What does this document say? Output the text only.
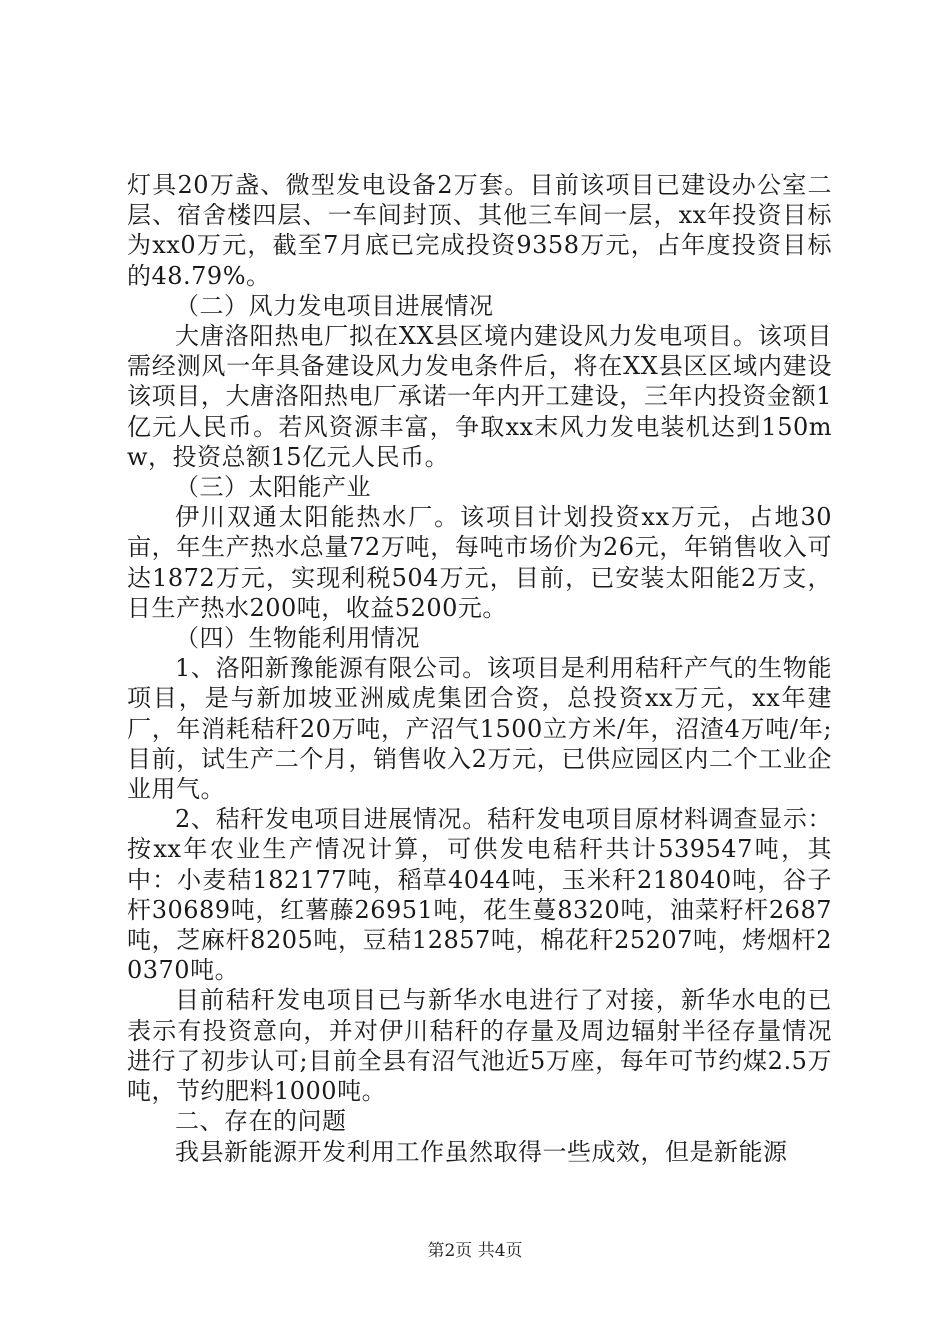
灯具20万盏、微型发电设备2万套。目前该项目已建设办公室二层、宿舍楼四层、一车间封顶、其他三车间一层，xx年投资目标为xx0万元，截至7月底已完成投资9358万元，占年度投资目标的48.79%。

（二）风力发电项目进展情况

大唐洛阳热电厂拟在XX县区境内建设风力发电项目。该项目需经测风一年具备建设风力发电条件后，将在XX县区区域内建设该项目，大唐洛阳热电厂承诺一年内开工建设，三年内投资金额1亿元人民币。若风资源丰富，争取xx末风力发电装机达到150mw，投资总额15亿元人民币。

（三）太阳能产业

伊川双通太阳能热水厂。该项目计划投资xx万元，占地30亩，年生产热水总量72万吨，每吨市场价为26元，年销售收入可达1872万元，实现利税504万元，目前，已安装太阳能2万支，日生产热水200吨，收益5200元。

（四）生物能利用情况

1、洛阳新豫能源有限公司。该项目是利用秸秆产气的生物能项目，是与新加坡亚洲威虎集团合资，总投资xx万元，xx年建厂，年消耗秸秆20万吨，产沼气1500立方米/年，沼渣4万吨/年;目前，试生产二个月，销售收入2万元，已供应园区内二个工业企业用气。

2、秸秆发电项目进展情况。秸秆发电项目原材料调查显示：按xx年农业生产情况计算，可供发电秸秆共计539547吨，其中：小麦秸182177吨，稻草4044吨，玉米秆218040吨，谷子杆30689吨，红薯藤26951吨，花生蔓8320吨，油菜籽杆2687吨，芝麻杆8205吨，豆秸12857吨，棉花秆25207吨，烤烟杆20370吨。

目前秸秆发电项目已与新华水电进行了对接，新华水电的已表示有投资意向，并对伊川秸秆的存量及周边辐射半径存量情况进行了初步认可;目前全县有沼气池近5万座，每年可节约煤2.5万吨，节约肥料1000吨。

二、存在的问题

我县新能源开发利用工作虽然取得一些成效，但是新能源

第2页 共4页
